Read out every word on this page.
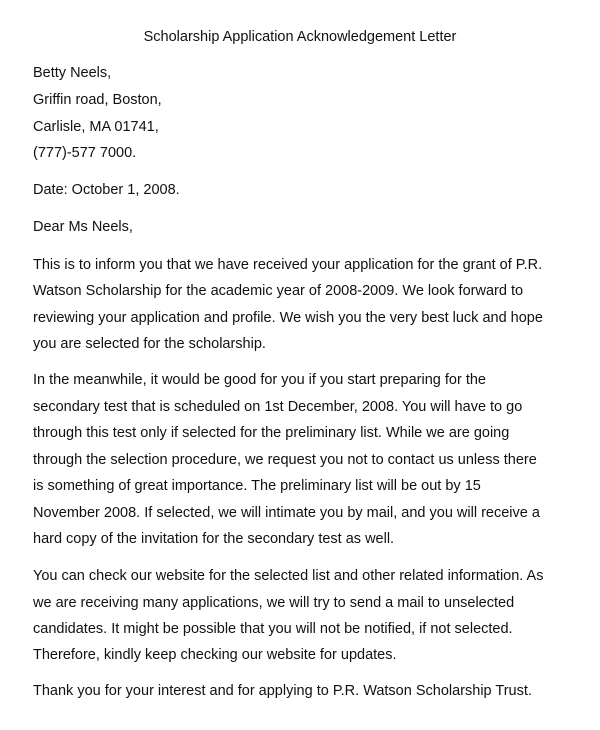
Scholarship Application Acknowledgement Letter

Betty Neels,

Griffin road, Boston,

Carlisle, MA 01741,

(777)-577 7000.

Date: October 1, 2008.

Dear Ms Neels,

This is to inform you that we have received your application for the grant of P.R.

Watson Scholarship for the academic year of 2008-2009. We look forward to

reviewing your application and profile. We wish you the very best luck and hope

you are selected for the scholarship.

In the meanwhile, it would be good for you if you start preparing for the

secondary test that is scheduled on 1st December, 2008. You will have to go

through this test only if selected for the preliminary list. While we are going

through the selection procedure, we request you not to contact us unless there

is something of great importance. The preliminary list will be out by 15

November 2008. If selected, we will intimate you by mail, and you will receive a

hard copy of the invitation for the secondary test as well.

You can check our website for the selected list and other related information. As

we are receiving many applications, we will try to send a mail to unselected

candidates. It might be possible that you will not be notified, if not selected.

Therefore, kindly keep checking our website for updates.

Thank you for your interest and for applying to P.R. Watson Scholarship Trust.
